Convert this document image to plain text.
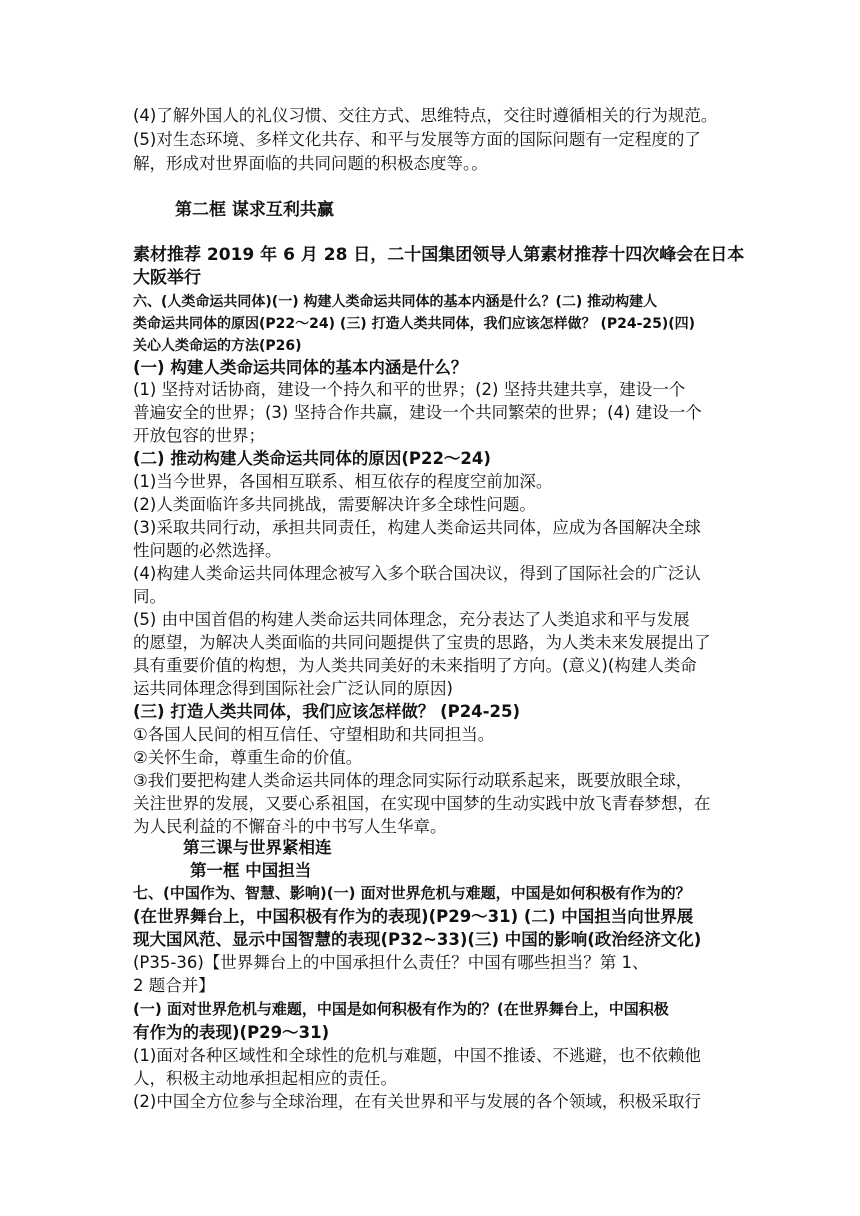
(4)了解外国人的礼仪习惯、交往方式、思维特点，交往时遵循相关的行为规范。
(5)对生态环境、多样文化共存、和平与发展等方面的国际问题有一定程度的了
解，形成对世界面临的共同问题的积极态度等。。
第二框 谋求互利共赢
素材推荐 2019 年 6 月 28 日，二十国集团领导人第素材推荐十四次峰会在日本
大阪举行
六、(人类命运共同体)(一) 构建人类命运共同体的基本内涵是什么？(二) 推动构建人
类命运共同体的原因(P22～24) (三) 打造人类共同体，我们应该怎样做？ (P24-25)(四)
关心人类命运的方法(P26)
(一) 构建人类命运共同体的基本内涵是什么？
(1) 坚持对话协商，建设一个持久和平的世界；(2) 坚持共建共享，建设一个
普遍安全的世界；(3) 坚持合作共赢，建设一个共同繁荣的世界；(4) 建设一个
开放包容的世界；
(二) 推动构建人类命运共同体的原因(P22～24)
(1)当今世界，各国相互联系、相互依存的程度空前加深。
(2)人类面临许多共同挑战，需要解决许多全球性问题。
(3)采取共同行动，承担共同责任，构建人类命运共同体，应成为各国解决全球
性问题的必然选择。
(4)构建人类命运共同体理念被写入多个联合国决议，得到了国际社会的广泛认
同。
(5) 由中国首倡的构建人类命运共同体理念，充分表达了人类追求和平与发展
的愿望，为解决人类面临的共同问题提供了宝贵的思路，为人类未来发展提出了
具有重要价值的构想，为人类共同美好的未来指明了方向。(意义)(构建人类命
运共同体理念得到国际社会广泛认同的原因)
(三) 打造人类共同体，我们应该怎样做？ (P24-25)
①各国人民间的相互信任、守望相助和共同担当。
②关怀生命，尊重生命的价值。
③我们要把构建人类命运共同体的理念同实际行动联系起来，既要放眼全球，
关注世界的发展，又要心系祖国，在实现中国梦的生动实践中放飞青春梦想，在
为人民利益的不懈奋斗的中书写人生华章。
第三课与世界紧相连
第一框 中国担当
七、(中国作为、智慧、影响)(一) 面对世界危机与难题，中国是如何积极有作为的？
(在世界舞台上，中国积极有作为的表现)(P29～31) (二) 中国担当向世界展
现大国风范、显示中国智慧的表现(P32~33)(三) 中国的影响(政治经济文化)
(P35-36)【世界舞台上的中国承担什么责任？中国有哪些担当？第 1、
2 题合并】
(一) 面对世界危机与难题，中国是如何积极有作为的？(在世界舞台上，中国积极
有作为的表现)(P29～31)
(1)面对各种区域性和全球性的危机与难题，中国不推诿、不逃避，也不依赖他
人，积极主动地承担起相应的责任。
(2)中国全方位参与全球治理，在有关世界和平与发展的各个领域，积极采取行
